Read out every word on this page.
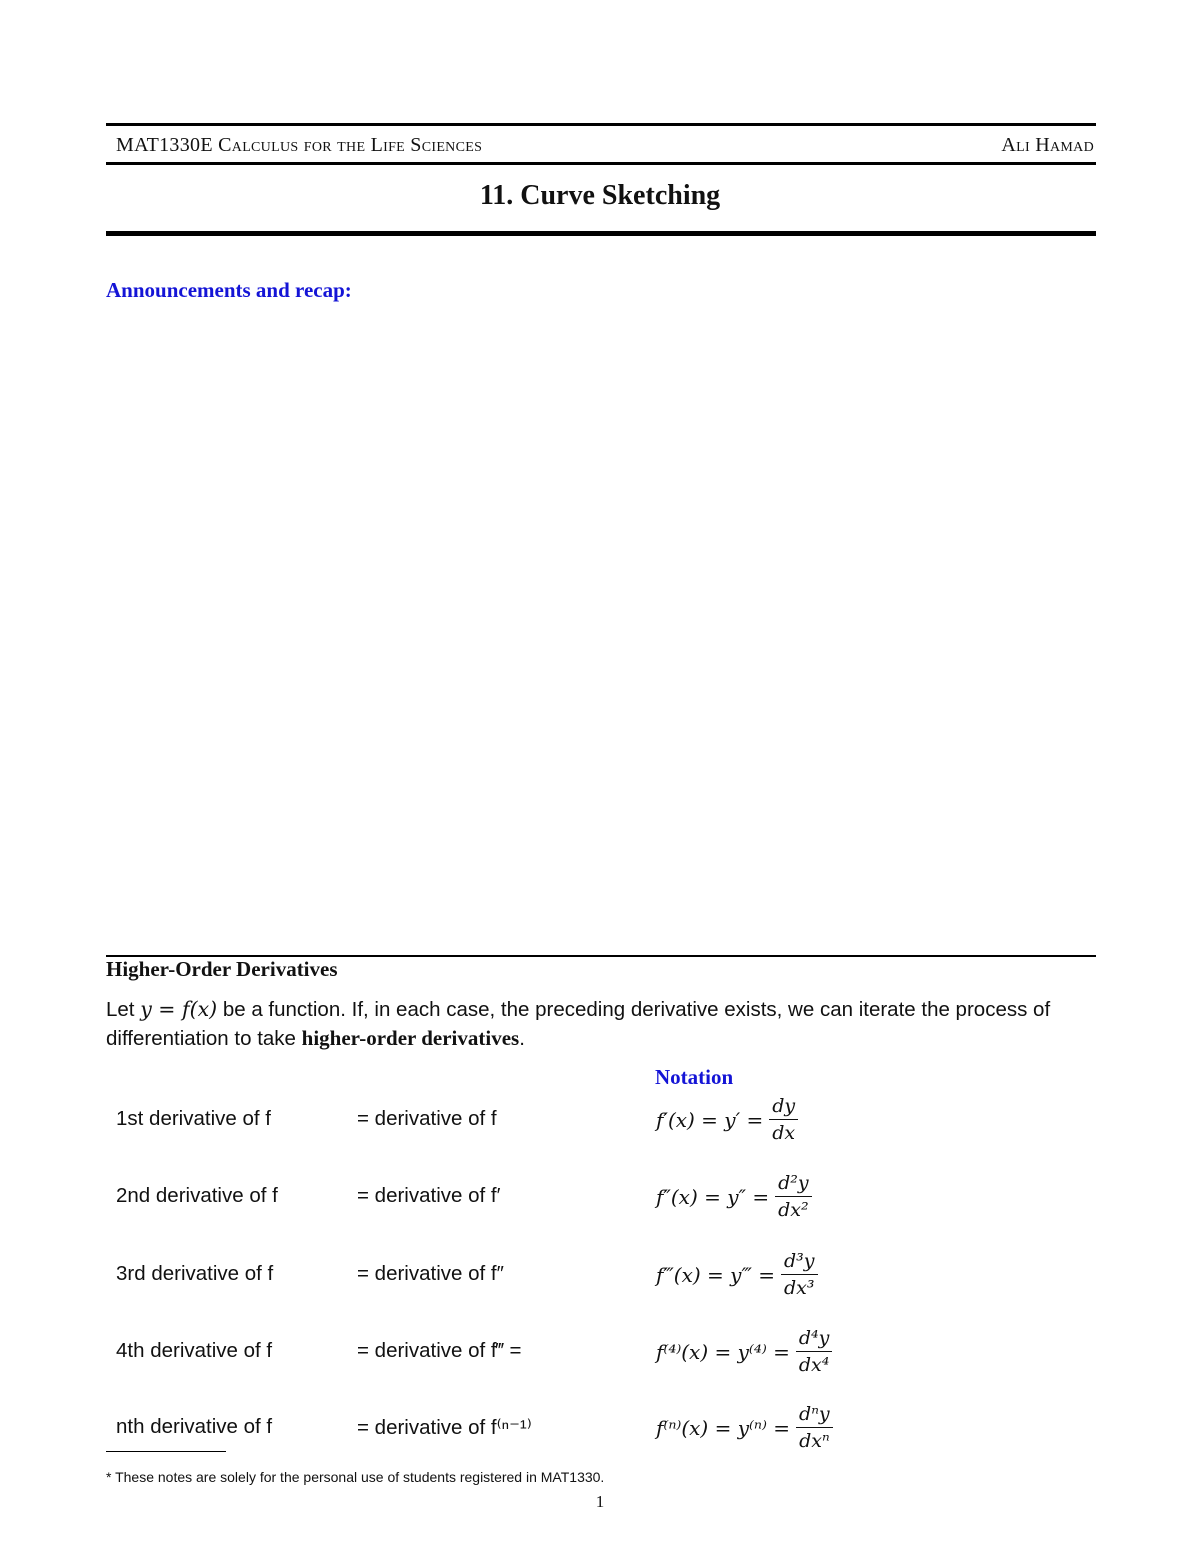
MAT1330E Calculus for the Life Sciences	Ali Hamad
11. Curve Sketching
Announcements and recap:
Higher-Order Derivatives
Let y = f(x) be a function. If, in each case, the preceding derivative exists, we can iterate the process of differentiation to take higher-order derivatives.
Notation
1st derivative of f	= derivative of f	$f'(x) = y' = \frac{dy}{dx}$
2nd derivative of f	= derivative of f′	$f''(x) = y'' = \frac{\text{d²y}}{\text{dx²}}$
3rd derivative of f	= derivative of f″	f‴(x) = y‴ = $\frac{\text{d³y}}{\text{dx³}}$
4th derivative of f	= derivative of f‴ =	$f^{(4)}(x) = y^{(4)} = \frac{\text{d⁴y}}{\text{dx⁴}}$
nth derivative of f	= derivative of f⁽ⁿ⁻¹⁾	$f^{(n)}(x) = y^{(n)} = \frac{\text{dⁿy}}{\text{dxⁿ}}$
* These notes are solely for the personal use of students registered in MAT1330.
1
